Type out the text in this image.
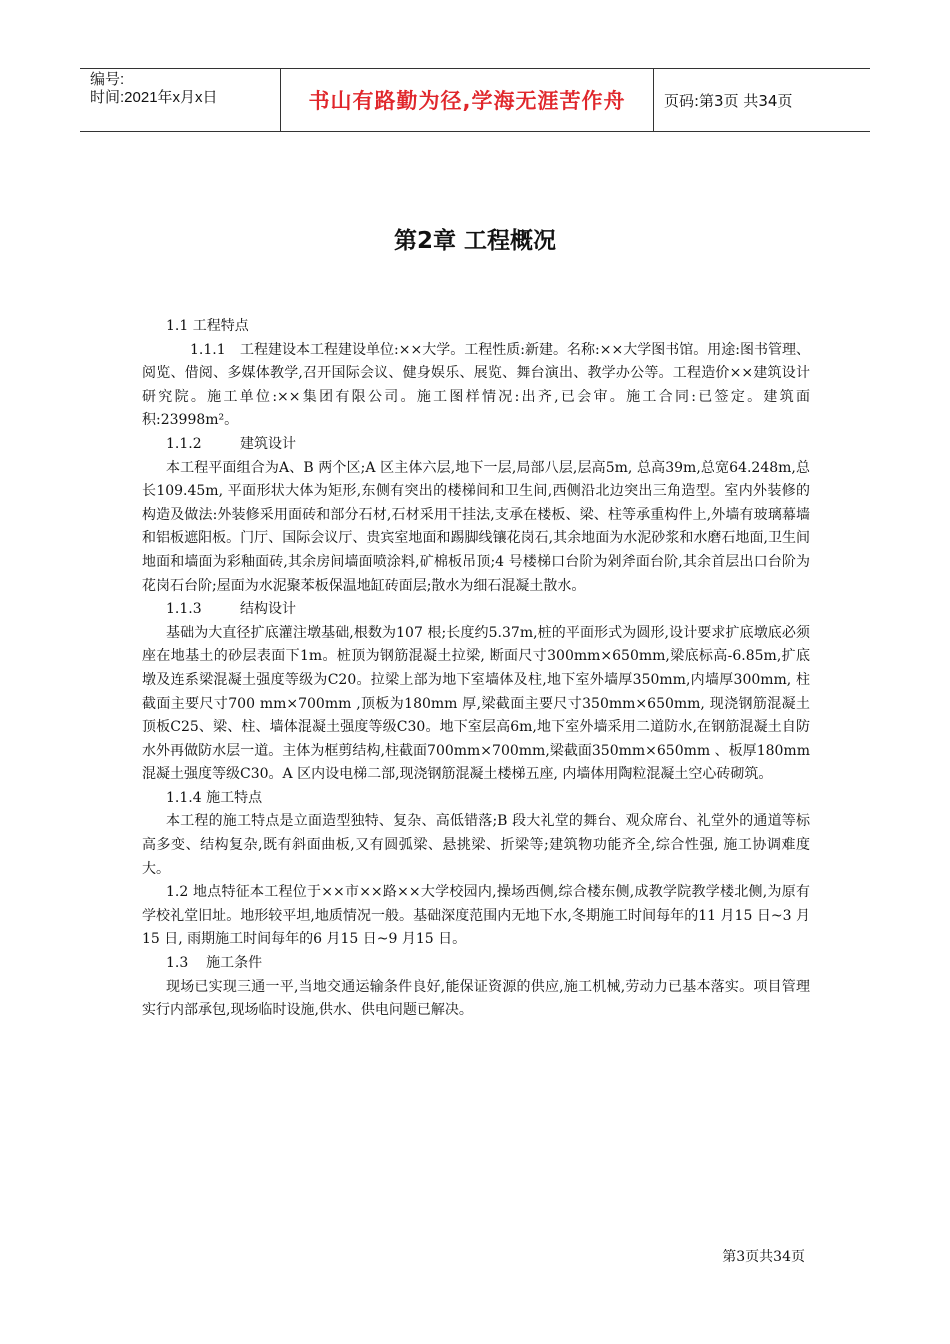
编号:
时间:2021年x月x日	书山有路勤为径,学海无涯苦作舟	页码:第3页 共34页
第2章 工程概况

1.1 工程特点

1.1.1 工程建设本工程建设单位:××大学。工程性质:新建。名称:××大学图书馆。用途:图书管理、阅览、借阅、多媒体教学,召开国际会议、健身娱乐、展览、舞台演出、教学办公等。工程造价××建筑设计研究院。施工单位:××集团有限公司。施工图样情况:出齐,已会审。施工合同:已签定。建筑面积:23998m²。

1.1.2	建筑设计

本工程平面组合为A、B 两个区;A 区主体六层,地下一层,局部八层,层高5m, 总高39m,总宽64.248m,总长109.45m, 平面形状大体为矩形,东侧有突出的楼梯间和卫生间,西侧沿北边突出三角造型。室内外装修的构造及做法:外装修采用面砖和部分石材,石材采用干挂法,支承在楼板、梁、柱等承重构件上,外墙有玻璃幕墙和铝板遮阳板。门厅、国际会议厅、贵宾室地面和踢脚线镶花岗石,其余地面为水泥砂浆和水磨石地面,卫生间地面和墙面为彩釉面砖,其余房间墙面喷涂料,矿棉板吊顶;4 号楼梯口台阶为剁斧面台阶,其余首层出口台阶为花岗石台阶;屋面为水泥聚苯板保温地缸砖面层;散水为细石混凝土散水。

1.1.3	结构设计

基础为大直径扩底灌注墩基础,根数为107 根;长度约5.37m,桩的平面形式为圆形,设计要求扩底墩底必须座在地基土的砂层表面下1m。桩顶为钢筋混凝土拉梁, 断面尺寸300mm×650mm,梁底标高-6.85m,扩底墩及连系梁混凝土强度等级为C20。拉梁上部为地下室墙体及柱,地下室外墙厚350mm,内墙厚300mm, 柱截面主要尺寸700 mm×700mm ,顶板为180mm 厚,梁截面主要尺寸350mm×650mm, 现浇钢筋混凝土顶板C25、梁、柱、墙体混凝土强度等级C30。地下室层高6m,地下室外墙采用二道防水,在钢筋混凝土自防水外再做防水层一道。主体为框剪结构,柱截面700mm×700mm,梁截面350mm×650mm 、板厚180mm 混凝土强度等级C30。A 区内设电梯二部,现浇钢筋混凝土楼梯五座, 内墙体用陶粒混凝土空心砖砌筑。

1.1.4 施工特点

本工程的施工特点是立面造型独特、复杂、高低错落;B 段大礼堂的舞台、观众席台、礼堂外的通道等标高多变、结构复杂,既有斜面曲板,又有圆弧梁、悬挑梁、折梁等;建筑物功能齐全,综合性强, 施工协调难度大。

1.2 地点特征本工程位于××市××路××大学校园内,操场西侧,综合楼东侧,成教学院教学楼北侧,为原有学校礼堂旧址。地形较平坦,地质情况一般。基础深度范围内无地下水,冬期施工时间每年的11 月15 日~3 月15 日, 雨期施工时间每年的6 月15 日~9 月15 日。

1.3    施工条件

现场已实现三通一平,当地交通运输条件良好,能保证资源的供应,施工机械,劳动力已基本落实。项目管理实行内部承包,现场临时设施,供水、供电问题已解决。

第3页共34页
